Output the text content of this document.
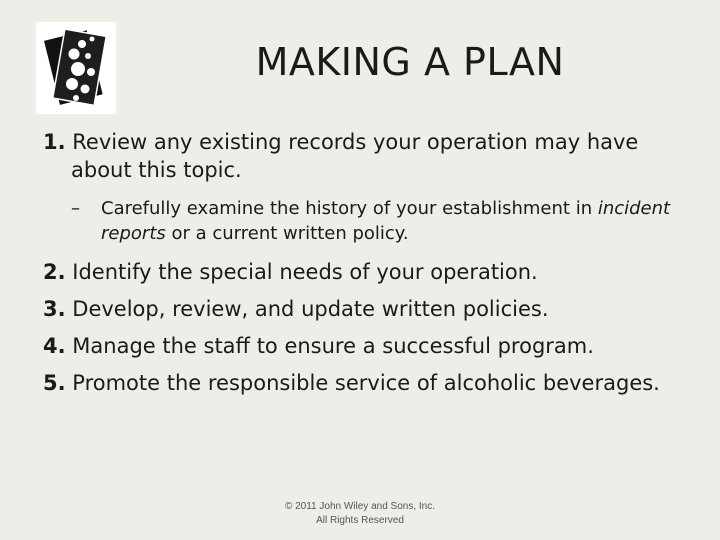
MAKING A PLAN

1. Review any existing records your operation may have about this topic.

– Carefully examine the history of your establishment in incident reports or a current written policy.

2. Identify the special needs of your operation.

3. Develop, review, and update written policies.

4. Manage the staff to ensure a successful program.

5. Promote the responsible service of alcoholic beverages.

© 2011 John Wiley and Sons, Inc.
All Rights Reserved
